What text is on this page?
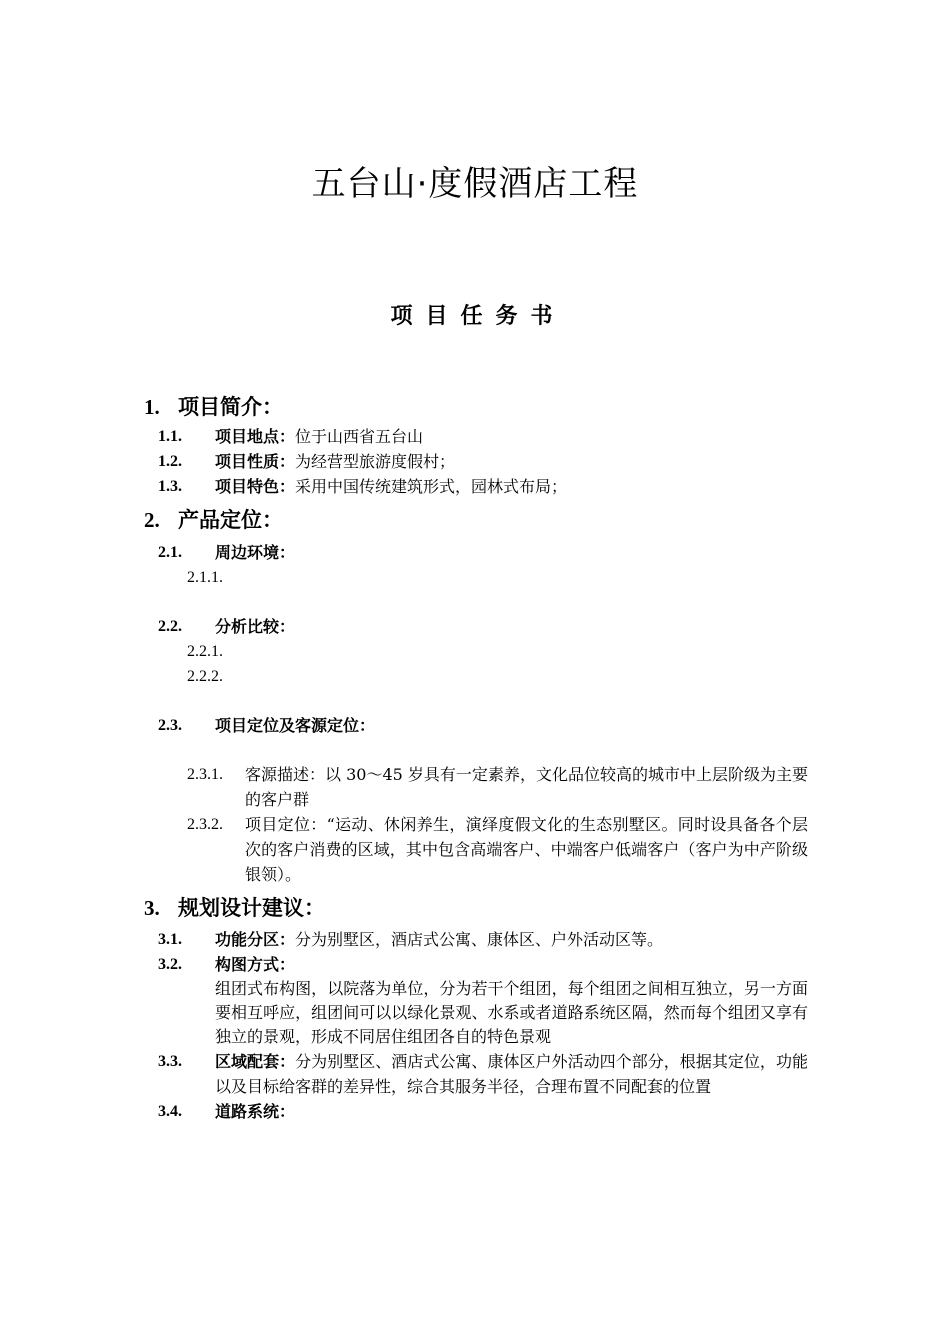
五台山·度假酒店工程
项目任务书
1. 项目简介：
1.1.	项目地点：位于山西省五台山
1.2.	项目性质：为经营型旅游度假村；
1.3.	项目特色：采用中国传统建筑形式，园林式布局；
2. 产品定位：
2.1.	周边环境：
2.1.1.
2.2.	分析比较：
2.2.1.
2.2.2.
2.3.	项目定位及客源定位：
2.3.1.	客源描述：以 30～45 岁具有一定素养，文化品位较高的城市中上层阶级为主要的客户群
2.3.2.	项目定位：“运动、休闲养生，演绎度假文化的生态别墅区。同时设具备各个层次的客户消费的区域，其中包含高端客户、中端客户低端客户（客户为中产阶级银领）。
3. 规划设计建议：
3.1.	功能分区：分为别墅区，酒店式公寓、康体区、户外活动区等。
3.2.	构图方式：
组团式布构图，以院落为单位，分为若干个组团，每个组团之间相互独立，另一方面要相互呼应，组团间可以以绿化景观、水系或者道路系统区隔，然而每个组团又享有独立的景观，形成不同居住组团各自的特色景观
3.3.	区域配套：分为别墅区、酒店式公寓、康体区户外活动四个部分，根据其定位，功能以及目标给客群的差异性，综合其服务半径，合理布置不同配套的位置
3.4.	道路系统：
